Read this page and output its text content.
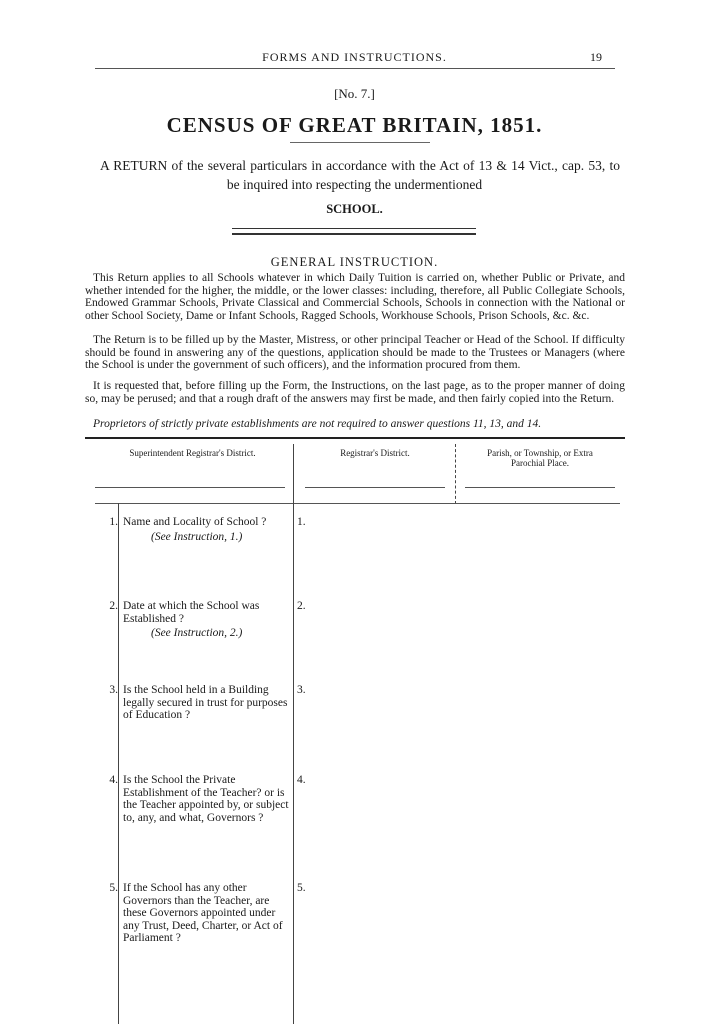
FORMS AND INSTRUCTIONS.	19
[No. 7.]
CENSUS OF GREAT BRITAIN, 1851.
A RETURN of the several particulars in accordance with the Act of 13 & 14 Vict., cap. 53, to
be inquired into respecting the undermentioned
SCHOOL.
GENERAL INSTRUCTION.
This Return applies to all Schools whatever in which Daily Tuition is carried on, whether Public or Private, and whether intended for the higher, the middle, or the lower classes: including, therefore, all Public Collegiate Schools, Endowed Grammar Schools, Private Classical and Commercial Schools, Schools in connection with the National or other School Society, Dame or Infant Schools, Ragged Schools, Workhouse Schools, Prison Schools, &c. &c.
The Return is to be filled up by the Master, Mistress, or other principal Teacher or Head of the School. If difficulty should be found in answering any of the questions, application should be made to the Trustees or Managers (where the School is under the government of such officers), and the information procured from them.
It is requested that, before filling up the Form, the Instructions, on the last page, as to the proper manner of doing so, may be perused; and that a rough draft of the answers may first be made, and then fairly copied into the Return.
Proprietors of strictly private establishments are not required to answer questions 11, 13, and 14.
Superintendent Registrar's District.	Registrar's District.	Parish, or Township, or Extra Parochial Place.
1. Name and Locality of School ?
(See Instruction, 1.)
1.
2. Date at which the School was Established ?
(See Instruction, 2.)
2.
3. Is the School held in a Building legally secured in trust for purposes of Education ?
3.
4. Is the School the Private Establishment of the Teacher? or is the Teacher appointed by, or subject to, any, and what, Governors ?
4.
5. If the School has any other Governors than the Teacher, are these Governors appointed under any Trust, Deed, Charter, or Act of Parliament ?
5.
